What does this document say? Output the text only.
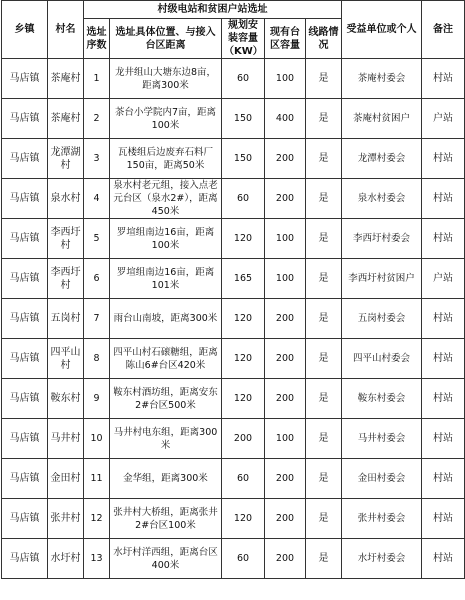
乡镇	村名	村级电站和贫困户站选址					受益单位或个人	备注
		选址序数	选址具体位置、与接入台区距离	规划安装容量（KW）	现有台区容量	线路情况		
马店镇	茶庵村	1	龙井组山大塘东边8亩，距离300米	60	100	是	茶庵村委会	村站
马店镇	茶庵村	2	茶台小学院内7亩，距离100米	150	400	是	茶庵村贫困户	户站
马店镇	龙潭湖村	3	瓦楼组后边废弃石料厂150亩，距离50米	150	200	是	龙潭村委会	村站
马店镇	泉水村	4	泉水村老元组，接入点老元台区（泉水2#），距离450米	60	200	是	泉水村委会	村站
马店镇	李西圩村	5	罗塇组南边16亩，距离100米	120	100	是	李西圩村委会	村站
马店镇	李西圩村	6	罗塇组南边16亩，距离101米	165	100	是	李西圩村贫困户	户站
马店镇	五岗村	7	雨台山南坡，距离300米	120	200	是	五岗村委会	村站
马店镇	四平山村	8	四平山村石磙糖组，距离陈山6#台区420米	120	200	是	四平山村委会	村站
马店镇	鞍东村	9	鞍东村酒坊组，距离安东2#台区500米	120	200	是	鞍东村委会	村站
马店镇	马井村	10	马井村电东组，距离300米	200	100	是	马井村委会	村站
马店镇	金田村	11	金华组，距离300米	60	200	是	金田村委会	村站
马店镇	张井村	12	张井村大桥组，距离张井2#台区100米	120	200	是	张井村委会	村站
马店镇	水圩村	13	水圩村洋西组，距离台区400米	60	200	是	水圩村委会	村站
